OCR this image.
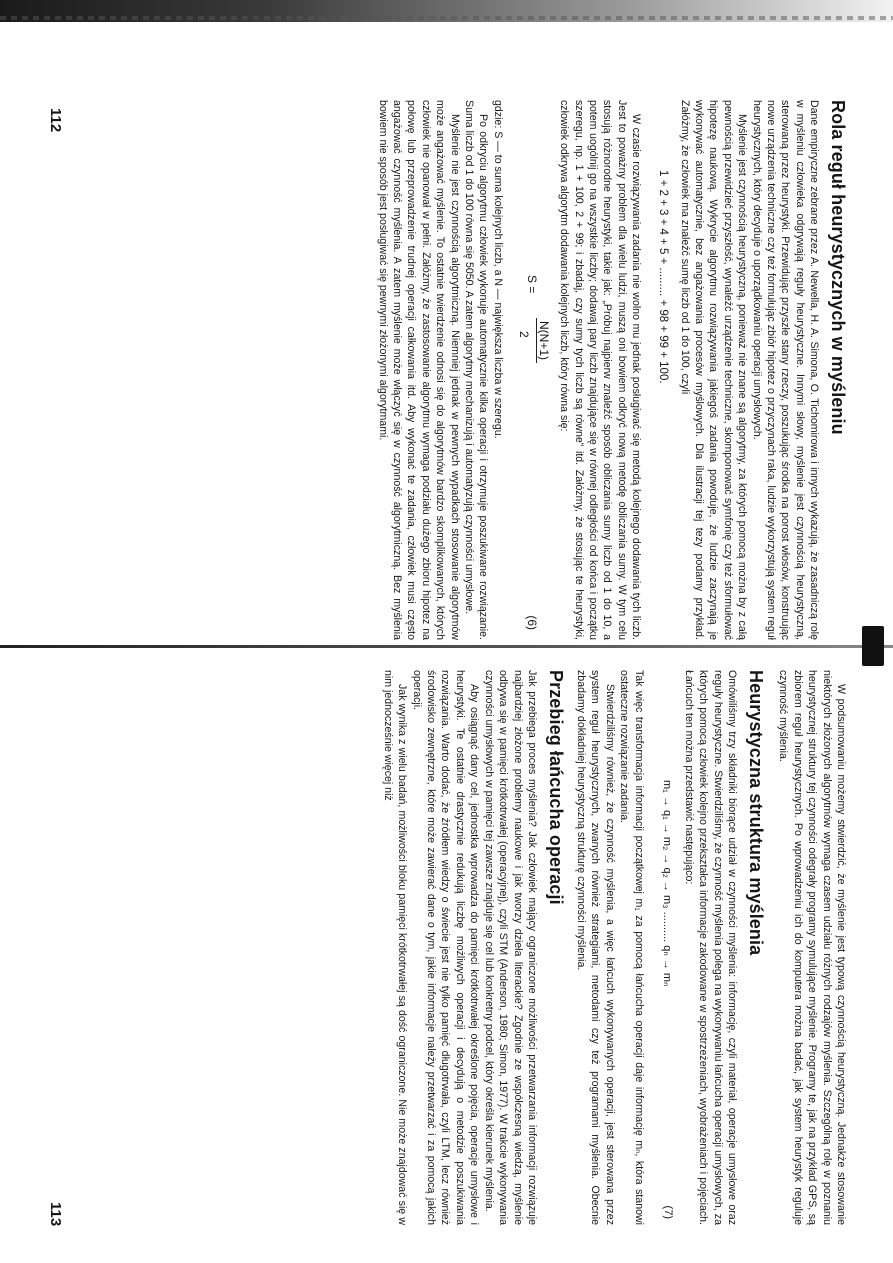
112
113
Rola reguł heurystycznych w myśleniu

Dane empiryczne zebrane przez A. Newella, H. A. Simona, O. Tichomirowa i innych wykazują, że zasadniczą rolę w myśleniu człowieka odgrywają reguły heurystyczne. Innymi słowy, myślenie jest czynnością heurystyczną, sterowaną przez heurystyki. Przewidując przyszłe stany rzeczy, poszukując środka na porost włosów, konstruując nowe urządzenia techniczne czy też formułując zbiór hipotez o przyczynach raka, ludzie wykorzystują system reguł heurystycznych, który decyduje o uporządkowaniu operacji umysłowych.

Myślenie jest czynnością heurystyczną, ponieważ nie znane są algorytmy, za których pomocą można by z całą pewnością przewidzieć przyszłość, wynaleźć urządzenie techniczne, skomponować symfonię czy też sformułować hipotezę naukową. Wykrycie algorytmu rozwiązywania jakiegoś zadania powoduje, że ludzie zaczynają je wykonywać automatycznie, bez angażowania procesów myślowych. Dla ilustracji tej tezy podamy przykład. Załóżmy, że człowiek ma znaleźć sumę liczb od 1 do 100, czyli

1 + 2 + 3 + 4 + 5 + ......... + 98 + 99 + 100.

W czasie rozwiązywania zadania nie wolno mu jednak posługiwać się metodą kolejnego dodawania tych liczb. Jest to poważny problem dla wielu ludzi, muszą oni bowiem odkryć nową metodę obliczania sumy. W tym celu stosują różnorodne heurystyki, takie jak: „Próbuj najpierw znaleźć sposób obliczania sumy liczb od 1 do 10, a potem uogólnij go na wszystkie liczby; dodawaj pary liczb znajdujące się w równej odległości od końca i początku szeregu, np. 1 + 100, 2 + 99; i zbadaj, czy sumy tych liczb są równe” itd. Załóżmy, że stosując te heurystyki, człowiek odkrywa algorytm dodawania kolejnych liczb, który równa się:

S =
N(N+1)
2
(6)

gdzie: S — to suma kolejnych liczb, a N — największa liczba w szeregu.

Po odkryciu algorytmu człowiek wykonuje automatycznie kilka operacji i otrzymuje poszukiwane rozwiązanie. Suma liczb od 1 do 100 równa się 5050. A zatem algorytmy mechanizują i automatyzują czynności umysłowe.

Myślenie nie jest czynnością algorytmiczną. Niemniej jednak w pewnych wypadkach stosowanie algorytmów może angażować myślenie. To ostatnie twierdzenie odnosi się do algorytmów bardzo skomplikowanych, których człowiek nie opanował w pełni. Załóżmy, że zastosowanie algorytmu wymaga podziału dużego zbioru hipotez na połowę lub przeprowadzenie trudnej operacji całkowania itd. Aby wykonać te zadania, człowiek musi często angażować czynność myślenia. A zatem myślenie może włączyć się w czynność algorytmiczną. Bez myślenia bowiem nie sposób jest posługiwać się pewnymi złożonymi algorytmami.

W podsumowaniu możemy stwierdzić, że myślenie jest typową czynnością heurystyczną. Jednakże stosowanie niektórych złożonych algorytmów wymaga czasem udziału różnych rodzajów myślenia. Szczególną rolę w poznaniu heurystycznej struktury tej czynności odegrały programy symulujące myślenie. Programy te, jak na przykład GPS, są zbiorem reguł heurystycznych. Po wprowadzeniu ich do komputera można badać, jak system heurystyk reguluje czynność myślenia.

Heurystyczna struktura myślenia

Omówiliśmy trzy składniki biorące udział w czynności myślenia: informację, czyli materiał, operacje umysłowe oraz reguły heurystyczne. Stwierdziliśmy, że czynność myślenia polega na wykonywaniu łańcucha operacji umysłowych, za których pomocą człowiek kolejno przekształca informacje zakodowane w spostrzeżeniach, wyobrażeniach i pojęciach. Łańcuch ten można przedstawić następująco:

m₁ → q₁ → m₂ → q₂ → m₃ .......... qₙ → mₙ
(7)

Tak więc transformacja informacji początkowej m₁ za pomocą łańcucha operacji daje informację mₙ, która stanowi ostateczne rozwiązanie zadania.

Stwierdziliśmy również, że czynność myślenia, a więc łańcuch wykonywanych operacji, jest sterowana przez system reguł heurystycznych, zwanych również strategiami, metodami czy też programami myślenia. Obecnie zbadamy dokładniej heurystyczną strukturę czynności myślenia.

Przebieg łańcucha operacji

Jak przebiega proces myślenia? Jak człowiek mający ograniczone możliwości przetwarzania informacji rozwiązuje najbardziej złożone problemy naukowe i jak tworzy dzieła literackie? Zgodnie ze współczesną wiedzą, myślenie odbywa się w pamięci krótkotrwałej (operacyjnej), czyli STM (Anderson, 1980; Simon, 1977). W trakcie wykonywania czynności umysłowych w pamięci tej zawsze znajduje się cel lub konkretny podcel, który określa kierunek myślenia.

Aby osiągnąć dany cel, jednostka wprowadza do pamięci krótkotrwałej określone pojęcia, operacje umysłowe i heurystyki. Te ostatnie drastycznie redukują liczbę możliwych operacji i decydują o metodzie poszukiwania rozwiązania. Warto dodać, że źródłem wiedzy o świecie jest nie tylko pamięć długotrwała, czyli LTM, lecz również środowisko zewnętrzne, które może zawierać dane o tym, jakie informacje należy przetwarzać i za pomocą jakich operacji.

Jak wynika z wielu badań, możliwości bloku pamięci krótkotrwałej są dość ograniczone. Nie może znajdować się w nim jednocześnie więcej niż
